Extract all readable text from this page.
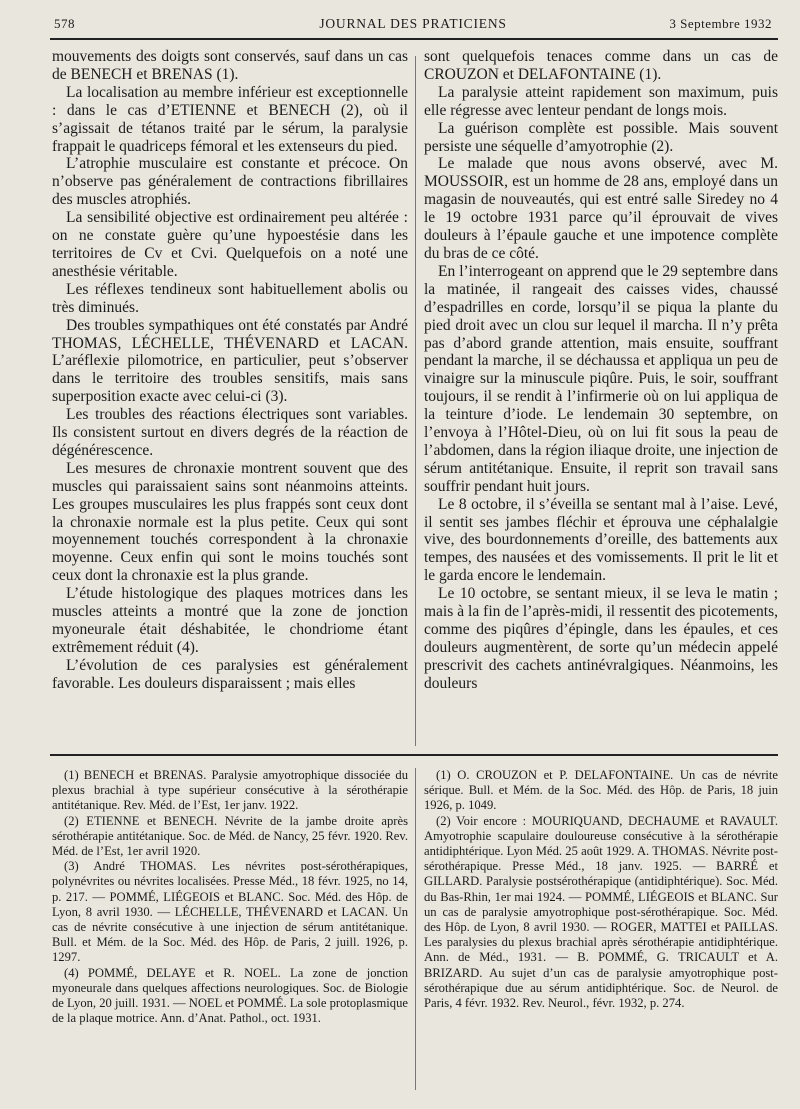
578	JOURNAL DES PRATICIENS	3 Septembre 1932

mouvements des doigts sont conservés, sauf dans un cas de BENECH et BRENAS (1).

La localisation au membre inférieur est exceptionnelle : dans le cas d’ETIENNE et BENECH (2), où il s’agissait de tétanos traité par le sérum, la paralysie frappait le quadriceps fémoral et les extenseurs du pied.

L’atrophie musculaire est constante et précoce. On n’observe pas généralement de contractions fibrillaires des muscles atrophiés.

La sensibilité objective est ordinairement peu altérée : on ne constate guère qu’une hypoestésie dans les territoires de Cv et Cvi. Quelquefois on a noté une anesthésie véritable.

Les réflexes tendineux sont habituellement abolis ou très diminués.

Des troubles sympathiques ont été constatés par André THOMAS, LÉCHELLE, THÉVENARD et LACAN. L’aréflexie pilomotrice, en particulier, peut s’observer dans le territoire des troubles sensitifs, mais sans superposition exacte avec celui-ci (3).

Les troubles des réactions électriques sont variables. Ils consistent surtout en divers degrés de la réaction de dégénérescence.

Les mesures de chronaxie montrent souvent que des muscles qui paraissaient sains sont néanmoins atteints. Les groupes musculaires les plus frappés sont ceux dont la chronaxie normale est la plus petite. Ceux qui sont moyennement touchés correspondent à la chronaxie moyenne. Ceux enfin qui sont le moins touchés sont ceux dont la chronaxie est la plus grande.

L’étude histologique des plaques motrices dans les muscles atteints a montré que la zone de jonction myoneurale était déshabitée, le chondriome étant extrêmement réduit (4).

L’évolution de ces paralysies est généralement favorable. Les douleurs disparaissent ; mais elles

sont quelquefois tenaces comme dans un cas de CROUZON et DELAFONTAINE (1).

La paralysie atteint rapidement son maximum, puis elle régresse avec lenteur pendant de longs mois.

La guérison complète est possible. Mais souvent persiste une séquelle d’amyotrophie (2).

Le malade que nous avons observé, avec M. MOUSSOIR, est un homme de 28 ans, employé dans un magasin de nouveautés, qui est entré salle Siredey no 4 le 19 octobre 1931 parce qu’il éprouvait de vives douleurs à l’épaule gauche et une impotence complète du bras de ce côté.

En l’interrogeant on apprend que le 29 septembre dans la matinée, il rangeait des caisses vides, chaussé d’espadrilles en corde, lorsqu’il se piqua la plante du pied droit avec un clou sur lequel il marcha. Il n’y prêta pas d’abord grande attention, mais ensuite, souffrant pendant la marche, il se déchaussa et appliqua un peu de vinaigre sur la minuscule piqûre. Puis, le soir, souffrant toujours, il se rendit à l’infirmerie où on lui appliqua de la teinture d’iode. Le lendemain 30 septembre, on l’envoya à l’Hôtel-Dieu, où on lui fit sous la peau de l’abdomen, dans la région iliaque droite, une injection de sérum antitétanique. Ensuite, il reprit son travail sans souffrir pendant huit jours.

Le 8 octobre, il s’éveilla se sentant mal à l’aise. Levé, il sentit ses jambes fléchir et éprouva une céphalalgie vive, des bourdonnements d’oreille, des battements aux tempes, des nausées et des vomissements. Il prit le lit et le garda encore le lendemain.

Le 10 octobre, se sentant mieux, il se leva le matin ; mais à la fin de l’après-midi, il ressentit des picotements, comme des piqûres d’épingle, dans les épaules, et ces douleurs augmentèrent, de sorte qu’un médecin appelé prescrivit des cachets antinévralgiques. Néanmoins, les douleurs

(1) BENECH et BRENAS. Paralysie amyotrophique dissociée du plexus brachial à type supérieur consécutive à la sérothérapie antitétanique. Rev. Méd. de l’Est, 1er janv. 1922.

(2) ETIENNE et BENECH. Névrite de la jambe droite après sérothérapie antitétanique. Soc. de Méd. de Nancy, 25 févr. 1920. Rev. Méd. de l’Est, 1er avril 1920.

(3) André THOMAS. Les névrites post-sérothérapiques, polynévrites ou névrites localisées. Presse Méd., 18 févr. 1925, no 14, p. 217. — POMMÉ, LIÉGEOIS et BLANC. Soc. Méd. des Hôp. de Lyon, 8 avril 1930. — LÉCHELLE, THÉVENARD et LACAN. Un cas de névrite consécutive à une injection de sérum antitétanique. Bull. et Mém. de la Soc. Méd. des Hôp. de Paris, 2 juill. 1926, p. 1297.

(4) POMMÉ, DELAYE et R. NOEL. La zone de jonction myoneurale dans quelques affections neurologiques. Soc. de Biologie de Lyon, 20 juill. 1931. — NOEL et POMMÉ. La sole protoplasmique de la plaque motrice. Ann. d’Anat. Pathol., oct. 1931.

(1) O. CROUZON et P. DELAFONTAINE. Un cas de névrite sérique. Bull. et Mém. de la Soc. Méd. des Hôp. de Paris, 18 juin 1926, p. 1049.

(2) Voir encore : MOURIQUAND, DECHAUME et RAVAULT. Amyotrophie scapulaire douloureuse consécutive à la sérothérapie antidiphtérique. Lyon Méd. 25 août 1929. A. THOMAS. Névrite post-sérothérapique. Presse Méd., 18 janv. 1925. — BARRÉ et GILLARD. Paralysie postsérothérapique (antidiphtérique). Soc. Méd. du Bas-Rhin, 1er mai 1924. — POMMÉ, LIÉGEOIS et BLANC. Sur un cas de paralysie amyotrophique post-sérothérapique. Soc. Méd. des Hôp. de Lyon, 8 avril 1930. — ROGER, MATTEI et PAILLAS. Les paralysies du plexus brachial après sérothérapie antidiphtérique. Ann. de Méd., 1931. — B. POMMÉ, G. TRICAULT et A. BRIZARD. Au sujet d’un cas de paralysie amyotrophique post-sérothérapique due au sérum antidiphtérique. Soc. de Neurol. de Paris, 4 févr. 1932. Rev. Neurol., févr. 1932, p. 274.
